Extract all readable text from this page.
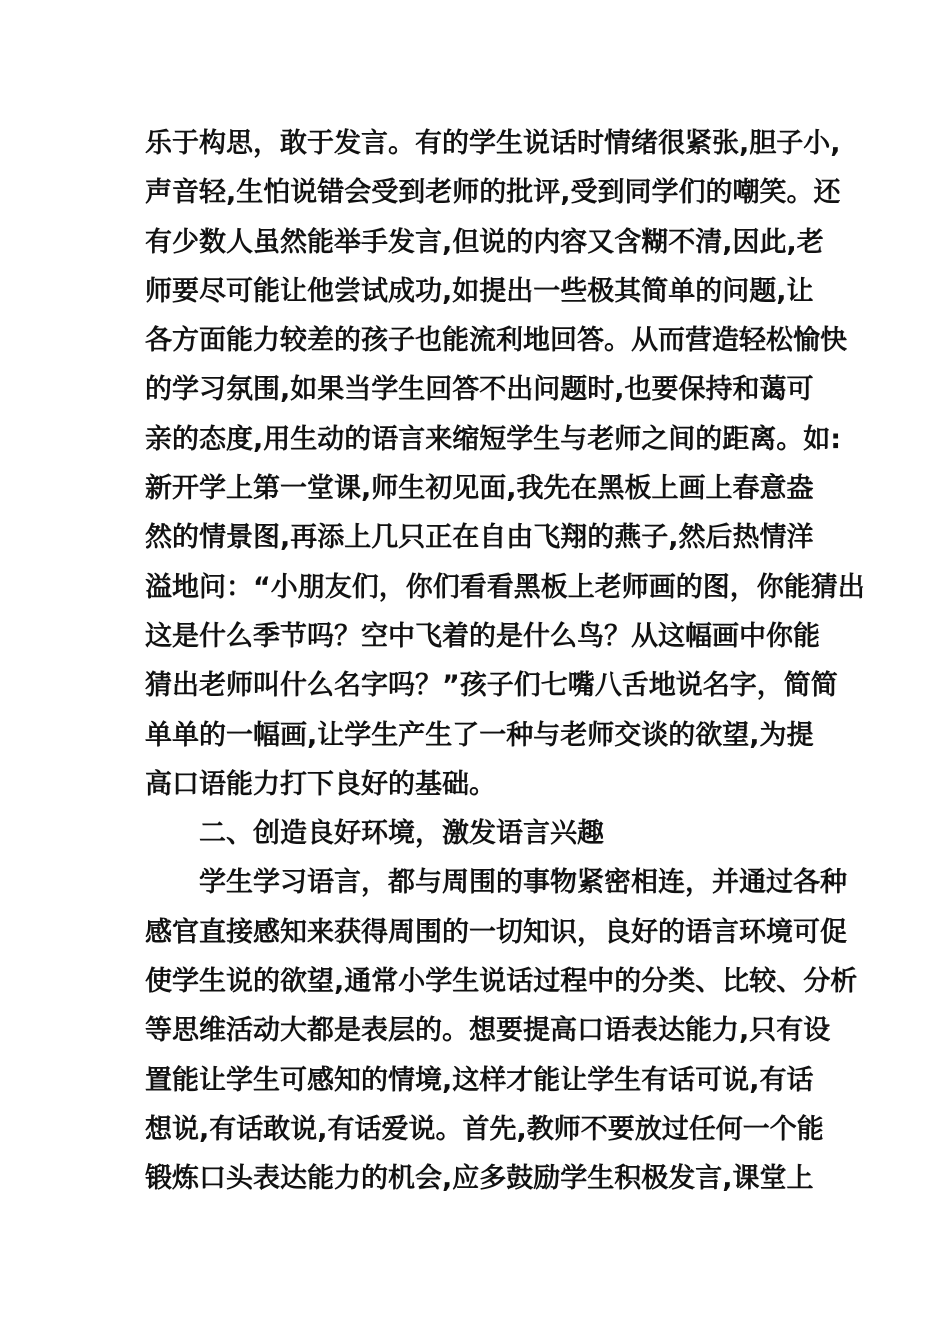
乐于构思，敢于发言。有的学生说话时情绪很紧张,胆子小,
声音轻,生怕说错会受到老师的批评,受到同学们的嘲笑。还
有少数人虽然能举手发言,但说的内容又含糊不清,因此,老
师要尽可能让他尝试成功,如提出一些极其简单的问题,让
各方面能力较差的孩子也能流利地回答。从而营造轻松愉快
的学习氛围,如果当学生回答不出问题时,也要保持和蔼可
亲的态度,用生动的语言来缩短学生与老师之间的距离。如:
新开学上第一堂课,师生初见面,我先在黑板上画上春意盎
然的情景图,再添上几只正在自由飞翔的燕子,然后热情洋
溢地问：“小朋友们，你们看看黑板上老师画的图，你能猜出
这是什么季节吗？空中飞着的是什么鸟？从这幅画中你能
猜出老师叫什么名字吗？”孩子们七嘴八舌地说名字，简简
单单的一幅画,让学生产生了一种与老师交谈的欲望,为提
高口语能力打下良好的基础。
二、创造良好环境，激发语言兴趣
学生学习语言，都与周围的事物紧密相连，并通过各种
感官直接感知来获得周围的一切知识，良好的语言环境可促
使学生说的欲望,通常小学生说话过程中的分类、比较、分析
等思维活动大都是表层的。想要提高口语表达能力,只有设
置能让学生可感知的情境,这样才能让学生有话可说,有话
想说,有话敢说,有话爱说。首先,教师不要放过任何一个能
锻炼口头表达能力的机会,应多鼓励学生积极发言,课堂上
